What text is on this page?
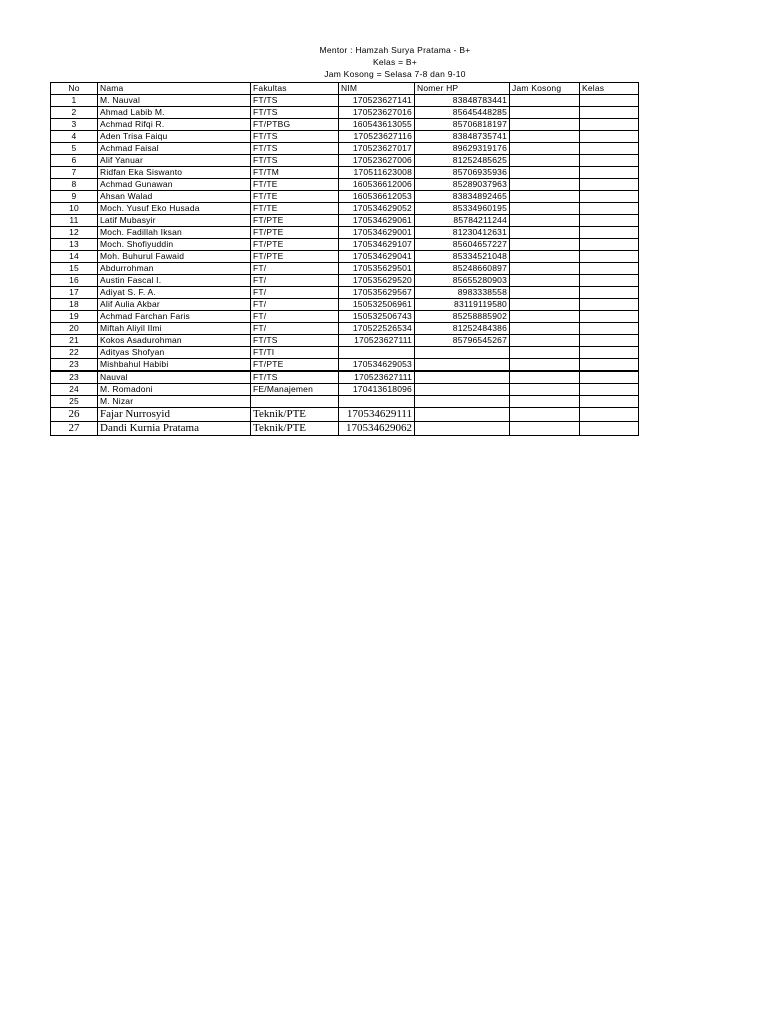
Mentor : Hamzah Surya Pratama - B+
Kelas = B+
Jam Kosong = Selasa 7-8 dan 9-10
No	Nama	Fakultas	NIM	Nomer HP	Jam Kosong	Kelas
1	M. Nauval	FT/TS	170523627141	83848783441		
2	Ahmad Labib M.	FT/TS	170523627016	85645448285		
3	Achmad Rifqi R.	FT/PTBG	160543613055	85706818197		
4	Aden Trisa Faiqu	FT/TS	170523627116	83848735741		
5	Achmad Faisal	FT/TS	170523627017	89629319176		
6	Alif Yanuar	FT/TS	170523627006	81252485625		
7	Ridfan Eka Siswanto	FT/TM	170511623008	85706935936		
8	Achmad Gunawan	FT/TE	160536612006	85289037963		
9	Ahsan Walad	FT/TE	160536612053	83834892465		
10	Moch. Yusuf Eko Husada	FT/TE	170534629052	85334960195		
11	Latif Mubasyir	FT/PTE	170534629061	85784211244		
12	Moch. Fadillah Iksan	FT/PTE	170534629001	81230412631		
13	Moch. Shofiyuddin	FT/PTE	170534629107	85604657227		
14	Moh. Buhurul Fawaid	FT/PTE	170534629041	85334521048		
15	Abdurrohman	FT/	170535629501	85248660897		
16	Austin Fascal I.	FT/	170535629520	85655280903		
17	Adiyat S. F. A.	FT/	170535629567	8983338558		
18	Alif Aulia Akbar	FT/	150532506961	83119119580		
19	Achmad Farchan Faris	FT/	150532506743	85258885902		
20	Miftah Aliyil Ilmi	FT/	170522526534	81252484386		
21	Kokos Asadurohman	FT/TS	170523627111	85796545267		
22	Adityas Shofyan	FT/TI				
23	Mishbahul Habibi	FT/PTE	170534629053			
23	Nauval	FT/TS	170523627111			
24	M. Romadoni	FE/Manajemen	170413618096			
25	M. Nizar					
26	Fajar Nurrosyid	Teknik/PTE	170534629111			
27	Dandi Kurnia Pratama	Teknik/PTE	170534629062			
